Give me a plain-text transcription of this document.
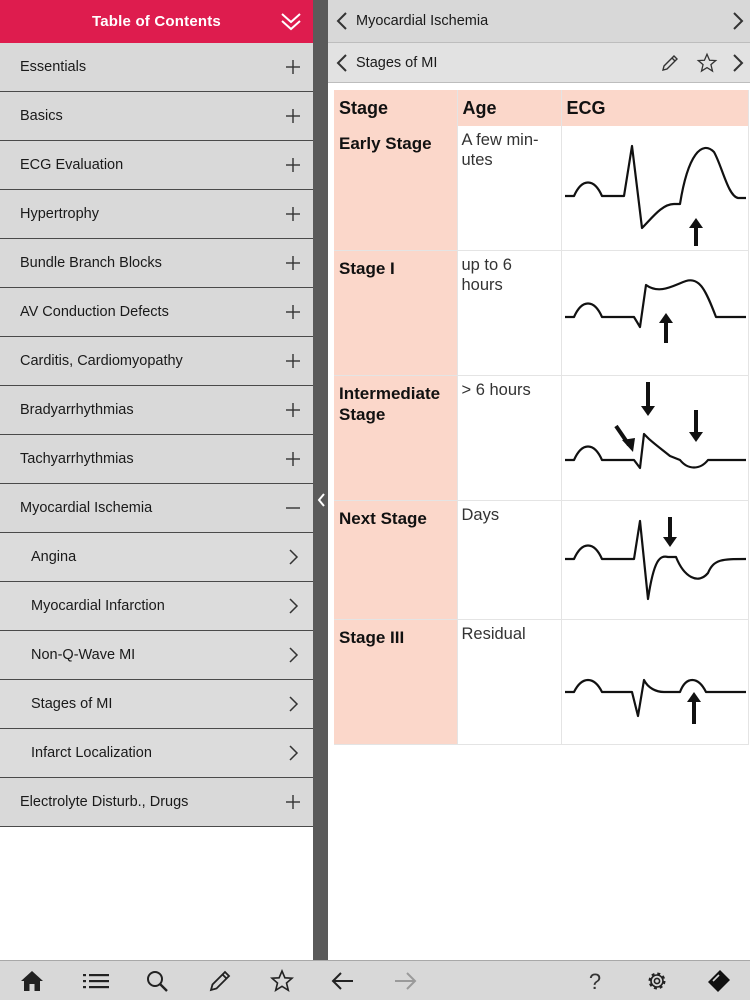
Table of Contents
Essentials
Basics
ECG Evaluation
Hypertrophy
Bundle Branch Blocks
AV Conduction Defects
Carditis, Cardiomyopathy
Bradyarrhythmias
Tachyarrhythmias
Myocardial Ischemia
Angina
Myocardial Infarction
Non-Q-Wave MI
Stages of MI
Infarct Localization
Electrolyte Disturb., Drugs
Myocardial Ischemia
Stages of MI
Stage	Age	ECG
Early Stage	A few min-
utes	

Stage I	up to 6
hours	

Intermediate
Stage	> 6 hours	

Next Stage	Days	

Stage III	Residual	
?
